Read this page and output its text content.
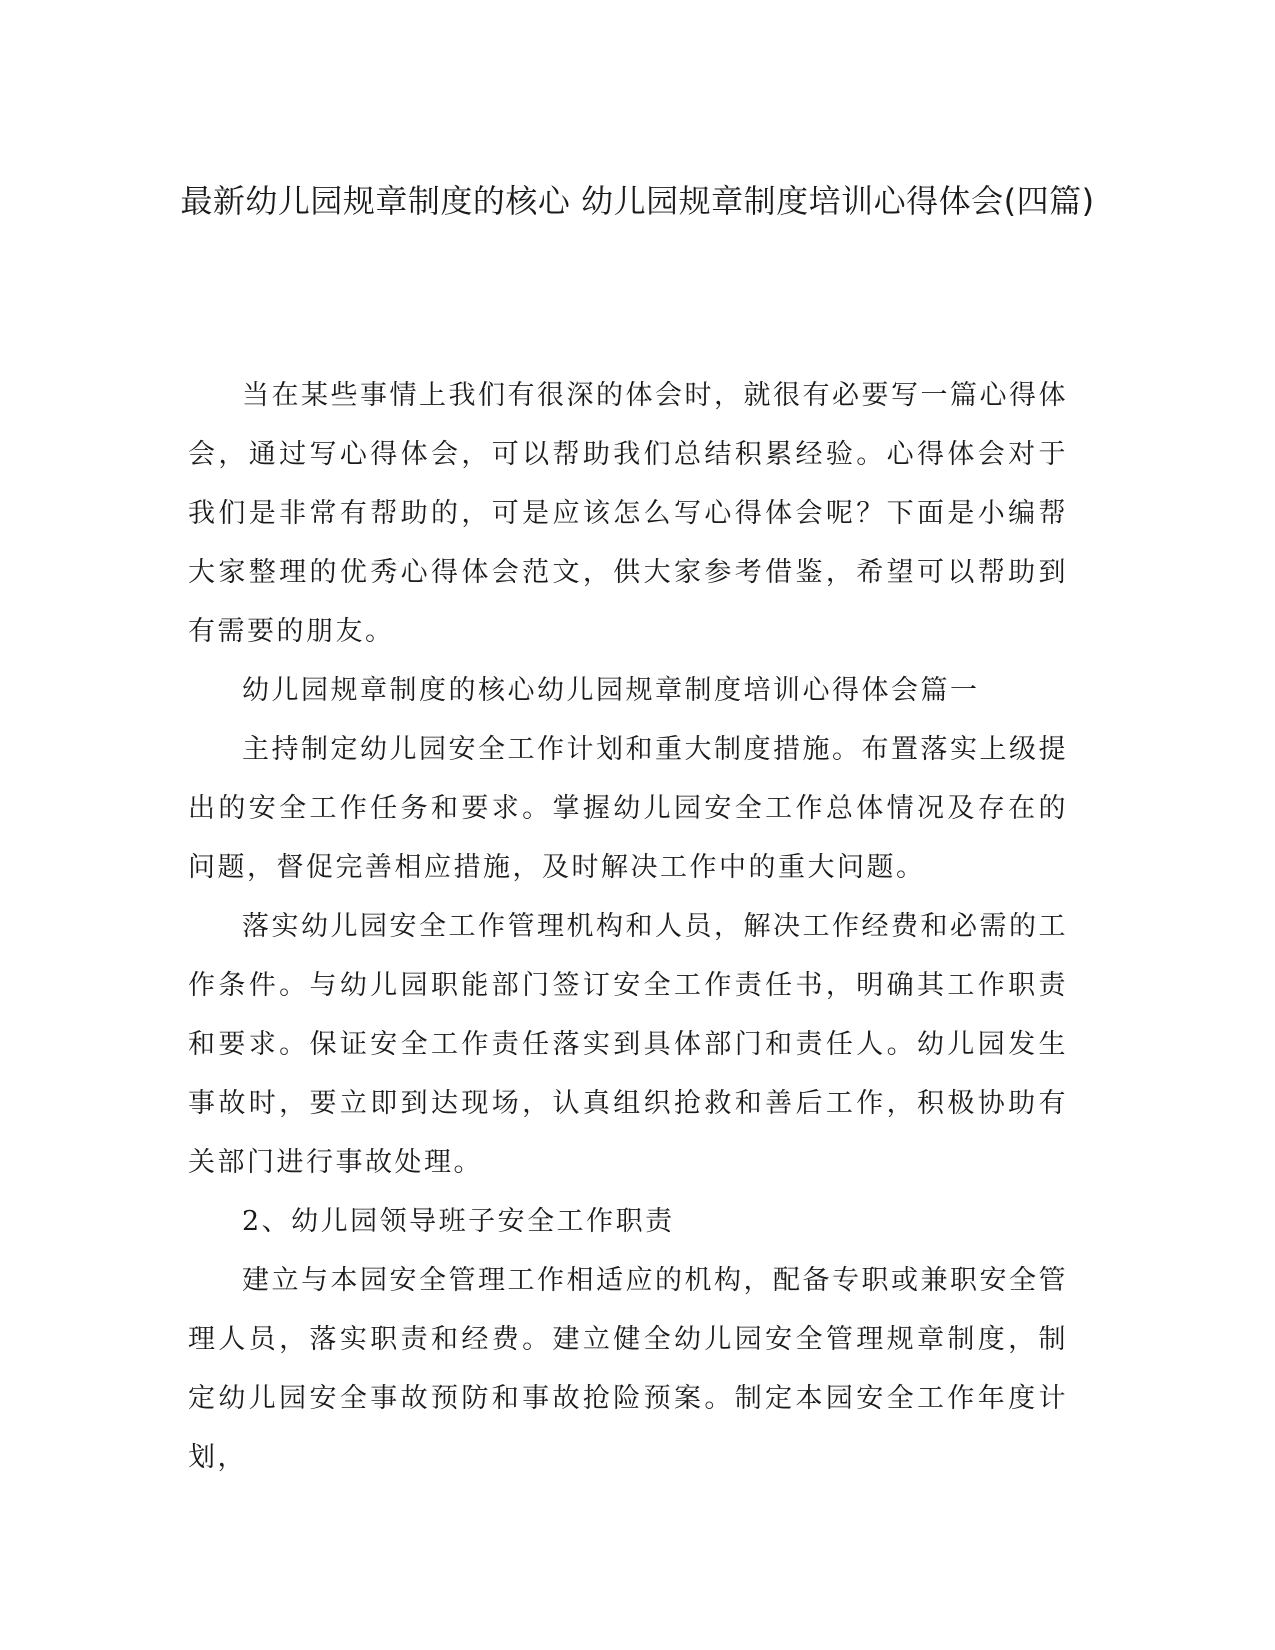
最新幼儿园规章制度的核心 幼儿园规章制度培训心得体会(四篇)

当在某些事情上我们有很深的体会时，就很有必要写一篇心得体会，通过写心得体会，可以帮助我们总结积累经验。心得体会对于我们是非常有帮助的，可是应该怎么写心得体会呢？下面是小编帮大家整理的优秀心得体会范文，供大家参考借鉴，希望可以帮助到有需要的朋友。

幼儿园规章制度的核心幼儿园规章制度培训心得体会篇一

主持制定幼儿园安全工作计划和重大制度措施。布置落实上级提出的安全工作任务和要求。掌握幼儿园安全工作总体情况及存在的问题，督促完善相应措施，及时解决工作中的重大问题。

落实幼儿园安全工作管理机构和人员，解决工作经费和必需的工作条件。与幼儿园职能部门签订安全工作责任书，明确其工作职责和要求。保证安全工作责任落实到具体部门和责任人。幼儿园发生事故时，要立即到达现场，认真组织抢救和善后工作，积极协助有关部门进行事故处理。

2、幼儿园领导班子安全工作职责

建立与本园安全管理工作相适应的机构，配备专职或兼职安全管理人员，落实职责和经费。建立健全幼儿园安全管理规章制度，制定幼儿园安全事故预防和事故抢险预案。制定本园安全工作年度计划，
